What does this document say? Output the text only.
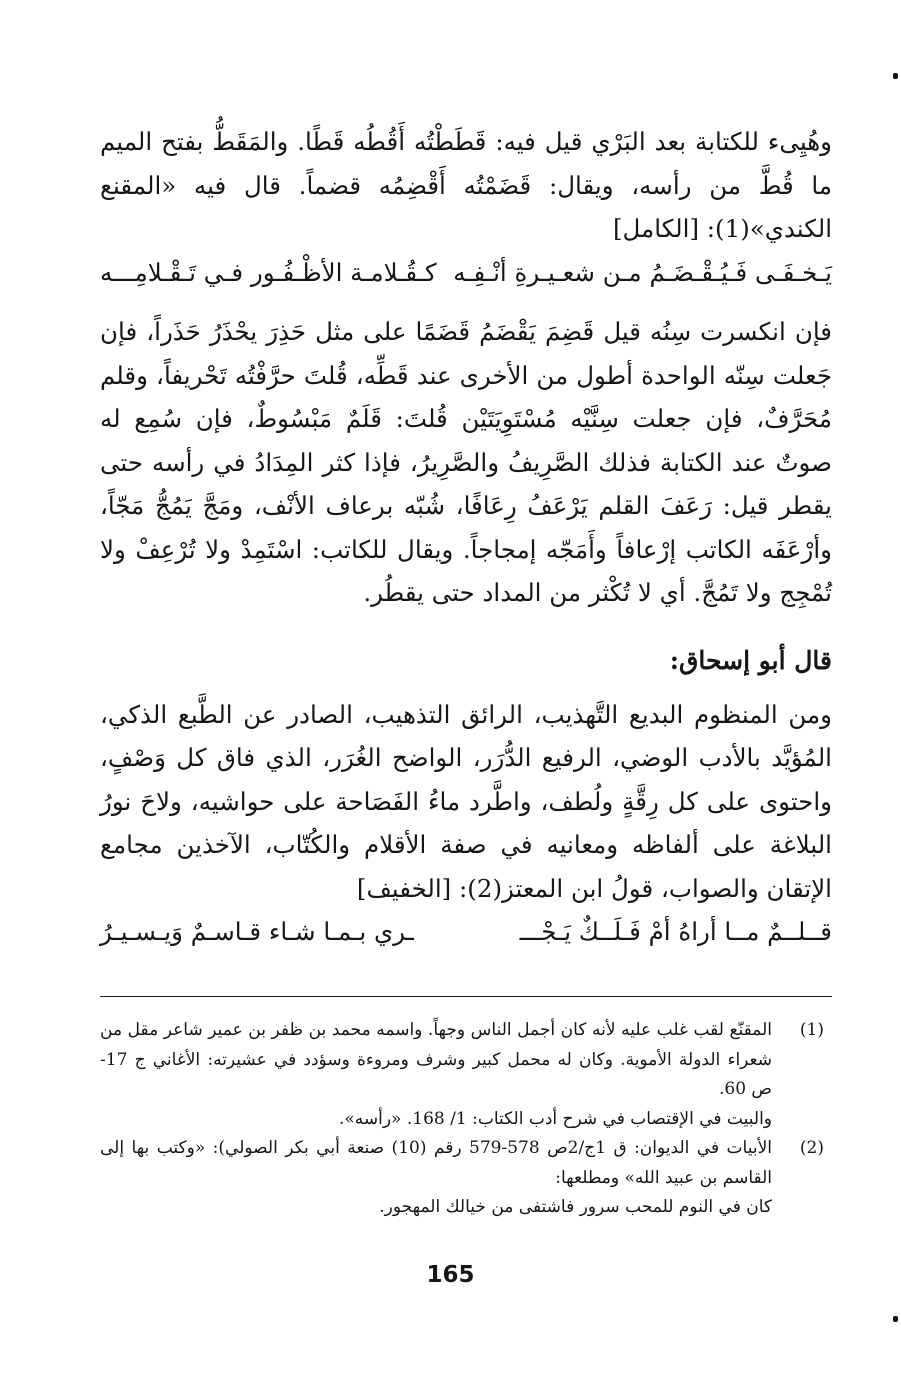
وهُيِىء للكتابة بعد البَرْي قيل فيه: قَطَطْتُه أَقُطُه قَطًا. والمَقَطُّ بفتح الميم ما قُطَّ من رأسه، ويقال: قَضَمْتُه أَقْضِمُه قضماً. قال فيه «المقنع الكندي»(1): [الكامل]

يَـخـفَـى فَـيُـقْـضَـمُ مـن شعـيـرةِ أنْـفِـه
كـقُـلامـة الأظْـفُـور فـي تَـقْـلامِـــه

فإن انكسرت سِنُه قيل قَضِمَ يَقْضَمُ قَضَمًا على مثل حَذِرَ يحْذَرُ حَذَراً، فإن جَعلت سِنّه الواحدة أطول من الأخرى عند قَطِّه، قُلتَ حرَّفْتُه تَحْريفاً، وقلم مُحَرَّفٌ، فإن جعلت سِنَّيْه مُسْتَوِيَتَيْن قُلتَ: قَلَمٌ مَبْسُوطٌ، فإن سُمِع له صوتٌ عند الكتابة فذلك الصَّرِيفُ والصَّرِيرُ، فإذا كثر المِدَادُ في رأسه حتى يقطر قيل: رَعَفَ القلم يَرْعَفُ رِعَافًا، شُبّه برعاف الأنْف، ومَجَّ يَمُجُّ مَجّاً، وأرْعَفَه الكاتب إرْعافاً وأَمَجّه إمجاجاً. ويقال للكاتب: اسْتَمِدْ ولا تُرْعِفْ ولا تُمْجِج ولا تَمُجَّ. أي لا تُكْثر من المداد حتى يقطُر.

قال أبو إسحاق:

ومن المنظوم البديع التَّهذيب، الرائق التذهيب، الصادر عن الطَّبع الذكي، المُؤيَّد بالأدب الوضي، الرفيع الدُّرَر، الواضح الغُرَر، الذي فاق كل وَصْفٍ، واحتوى على كل رِقَّةٍ ولُطف، واطَّرد ماءُ الفَصَاحة على حواشيه، ولاحَ نورُ البلاغة على ألفاظه ومعانيه في صفة الأقلام والكُتّاب، الآخذين مجامع الإتقان والصواب، قولُ ابن المعتز(2): [الخفيف]

قــلــمٌ مــا أراهُ أمْ فَـلَــكٌ يَـجْـــ
ـري بـمـا شـاء قـاسـمٌ وَيـسـيـرُ
(1)

المقنّع لقب غلب عليه لأنه كان أجمل الناس وجهاً. واسمه محمد بن ظفر بن عمير شاعر مقل من شعراء الدولة الأموية. وكان له محمل كبير وشرف ومروءة وسؤدد في عشيرته: الأغاني ج 17- ص 60.

والبيت في الإقتصاب في شرح أدب الكتاب: 1/ 168. «رأسه».

(2)

الأبيات في الديوان: ق 1ج/2ص 578-579 رقم (10) صنعة أبي بكر الصولي): «وكتب بها إلى القاسم بن عبيد الله» ومطلعها:

كان في النوم للمحب سرور فاشتفى من خيالك المهجور.

165
